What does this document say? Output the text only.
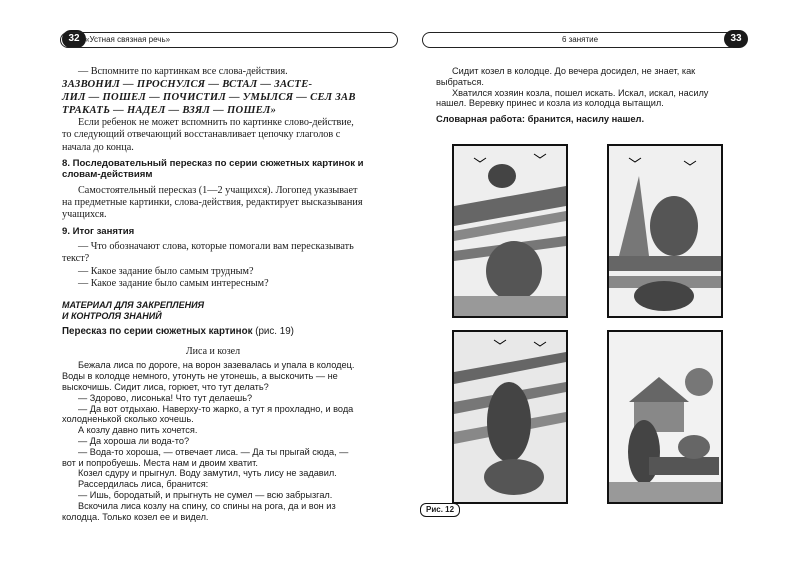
32 «Устная связная речь»

— Вспомните по картинкам все слова-действия.

ЗАЗВОНИЛ — ПРОСНУЛСЯ — ВСТАЛ — ЗАСТЕ-
ЛИЛ — ПОШЕЛ — ПОЧИСТИЛ — УМЫЛСЯ — СЕЛ ЗАВ
ТРАКАТЬ — НАДЕЛ — ВЗЯЛ — ПОШЕЛ»

Если ребенок не может вспомнить по картинке слово-действие, то следующий отвечающий восстанавливает цепочку глаголов с начала до конца.

8. Последовательный пересказ по серии сюжетных картинок и словам-действиям

Самостоятельный пересказ (1—2 учащихся). Логопед указывает на предметные картинки, слова-действия, редактирует высказывания учащихся.

9. Итог занятия

— Что обозначают слова, которые помогали вам пересказывать текст?

— Какое задание было самым трудным?

— Какое задание было самым интересным?

МАТЕРИАЛ ДЛЯ ЗАКРЕПЛЕНИЯ
И КОНТРОЛЯ ЗНАНИЙ
Пересказ по серии сюжетных картинок (рис. 19)
Лиса и козел

Бежала лиса по дороге, на ворон зазевалась и упала в колодец. Воды в колодце немного, утонуть не утонешь, а выскочить — не выскочишь. Сидит лиса, горюет, что тут делать?

— Здорово, лисонька! Что тут делаешь?

— Да вот отдыхаю. Наверху-то жарко, а тут я прохладно, и вода холодненькой сколько хочешь.

А козлу давно пить хочется.

— Да хороша ли вода-то?

— Вода-то хороша, — отвечает лиса. — Да ты прыгай сюда, — вот и попробуешь. Места нам и двоим хватит.

Козел сдуру и прыгнул. Воду замутил, чуть лису не задавил.

Рассердилась лиса, бранится:

— Ишь, бородатый, и прыгнуть не сумел — всю забрызгал.

Вскочила лиса козлу на спину, со спины на рога, да и вон из колодца. Только козел ее и видел.

6 занятие	33

Сидит козел в колодце. До вечера досидел, не знает, как выбраться.

Хватился хозяин козла, пошел искать. Искал, искал, насилу нашел. Веревку принес и козла из колодца вытащил.

Словарная работа: бранится, насилу нашел.
Рис. 12
